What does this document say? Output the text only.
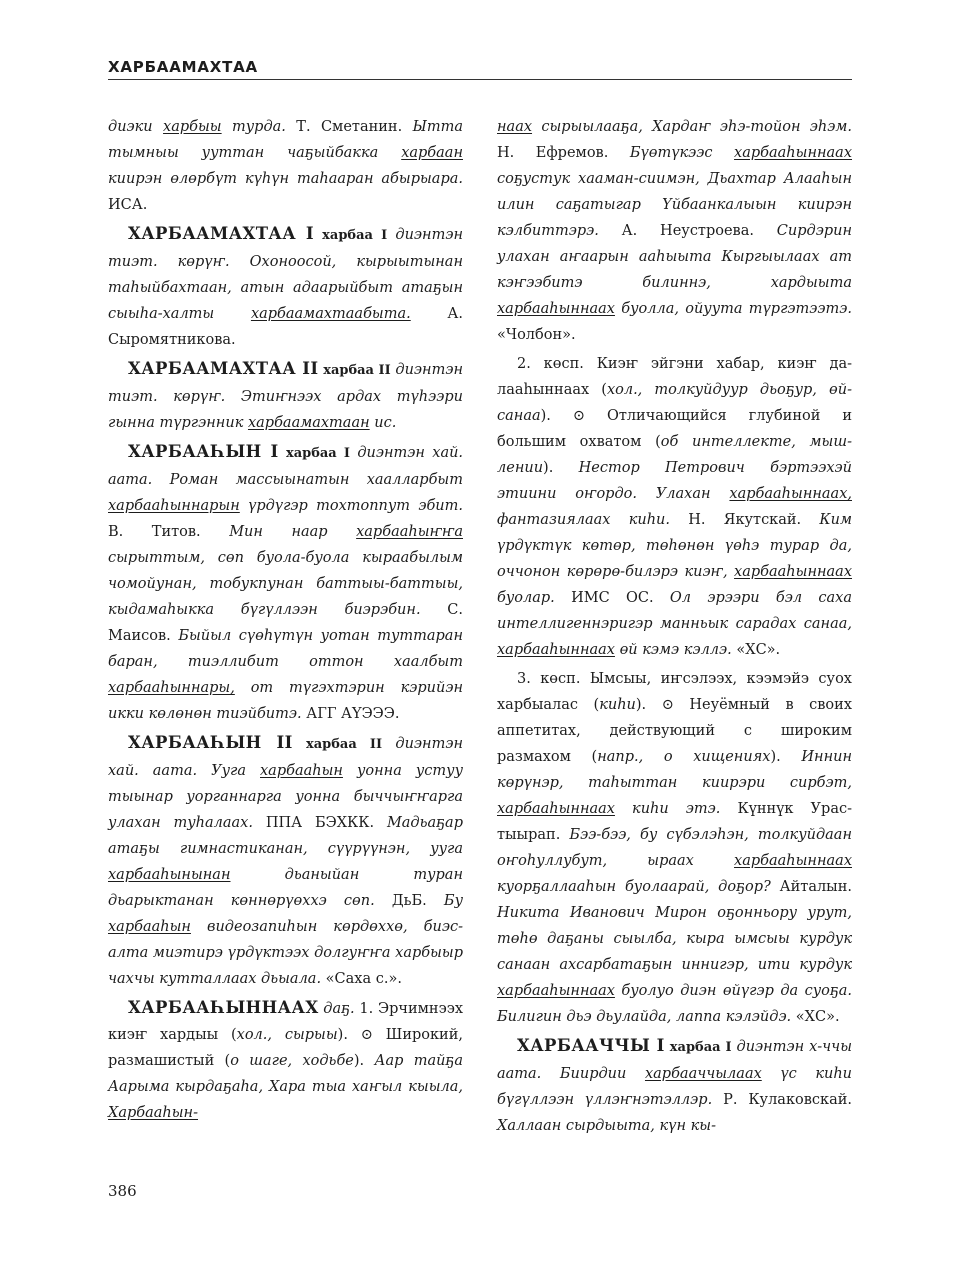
ХАРБААМАХТАА

диэки харбыы турда. Т. Сметанин. Ытта тымныы ууттан чаҕыйбакка харбаан киирэн өлөрбүт күһүн таһааран абырыара. ИСА.

ХАРБААМАХТАА I харбаа I диэнтэн тиэт. көрүҥ. Охоноосой, кырыытынан таһыйбахтаан, атын адаарыйбыт атаҕын сыыһа-халты	харбаамахтаабыта.	А. Сыромятникова.

ХАРБААМАХТАА II харбаа II диэнтэн тиэт. көрүҥ. Этиҥнээх ардах түһээри гынна түргэнник харбаамахтаан ис.

ХАРБААҺЫН I харбаа I диэнтэн хай. аата. Роман массыынатын хаалларбыт харбааһыннарын үрдүгэр тохтоппут эбит. В. Титов. Мин наар харбааһыҥҥа сырыттым, сөп буола-буола кыраабылым чомойунан, тобукпунан баттыы-баттыы, кыдамаһыкка бүгүллээн биэрэбин. С. Маисов. Быйыл сүөһүтүн уотан туттаран баран, тиэллибит оттон хаалбыт харбааһыннары, от түгэхтэрин кэрийэн икки көлөнөн тиэйбитэ. АГГ АҮЭЭЭ.

ХАРБААҺЫН II харбаа II диэнтэн хай. аата. Ууга харбааһын уонна устуу тыынар уорганнарга уонна быччыҥҥарга улахан туһалаах. ППА БЭХКК. Мадьаҕар атаҕы гимнастиканан, сүүрүүнэн, ууга харбааһынынан	дьаныйан туран дьарыктанан көннөрүөххэ сөп. ДьБ. Бу харбааһын видеозапиһын көрдөххө, биэс-алта миэтирэ үрдүктээх долгуҥҥа харбыыр чахчы кутталлаах дьыала. «Саха с.».

ХАРБААҺЫННААХ даҕ. 1. Эрчимнээх киэҥ хардыы (хол., сырыы). ⊙ Широкий, размашистый (о шаге, ходьбе). Аар тайҕа Аарыма кырдаҕаһа, Хара тыа хаҥыл кыыла, Харбааһын-

наах сырыылааҕа, Хардаҥ эһэ-тойон эһэм. Н. Ефремов. Бүөтүкээс харбааһыннаах соҕустук хааман-сиимэн, Дьахтар Алааһын илин саҕатыгар Үйбаанкалыын киирэн кэлбиттэрэ. А. Неустроева. Сирдэрин улахан аҥаарын ааһыыта Кыргыылаах ат кэҥээбитэ билиннэ, хардыыта харбааһыннаах буолла, ойуута түргэтээтэ. «Чолбон».

2. көсп. Киэҥ эйгэни хабар, киэҥ далааһыннаах (хол., толкуйдуур дьоҕур, өй-санаа). ⊙ Отличающийся глубиной и большим охватом (об интеллекте, мышлении). Нестор Петрович бэртээхэй этиини оҥордо. Улахан харбааһыннаах, фантазиялаах киһи. Н. Якутскай. Ким үрдүктүк көтөр, төһөнөн үөһэ турар да, оччонон көрөрө-билэрэ киэҥ, харбааһыннаах буолар. ИМС ОС. Ол эрээри бэл саха интеллигеннэригэр манньык сарадах санаа, харбааһыннаах өй кэмэ кэллэ. «ХС».

3. көсп. Ымсыы, иҥсэлээх, кээмэйэ суох харбыалас (киһи). ⊙ Неуёмный в своих аппетитах, действующий с широким размахом (напр., о хищениях). Иннин көрүнэр, таһыттан киирэри сирбэт, харбааһыннаах киһи этэ. Күннүк Урастыырап. Бээ-бээ, бу сүбэлэһэн, толкуйдаан оҥоһуллубут, ыраах	харбааһыннаах куорҕаллааһын буолаарай, доҕор? Айталын. Никита Иванович Мирон оҕонньору урут, төһө даҕаны сыылба, кыра ымсыы курдук санаан ахсарбатаҕын иннигэр, ити курдук харбааһыннаах буолуо диэн өйүгэр да суоҕа. Билигин дьэ дьулайда, лаппа кэлэйдэ. «ХС».

ХАРБААЧЧЫ I харбаа I диэнтэн х-ччы аата. Биирдии харбааччылаах үс киһи бүгүллээн үллэҥнэтэллэр. Р. Кулаковскай. Халлаан сырдыыта, күн кы-

386
